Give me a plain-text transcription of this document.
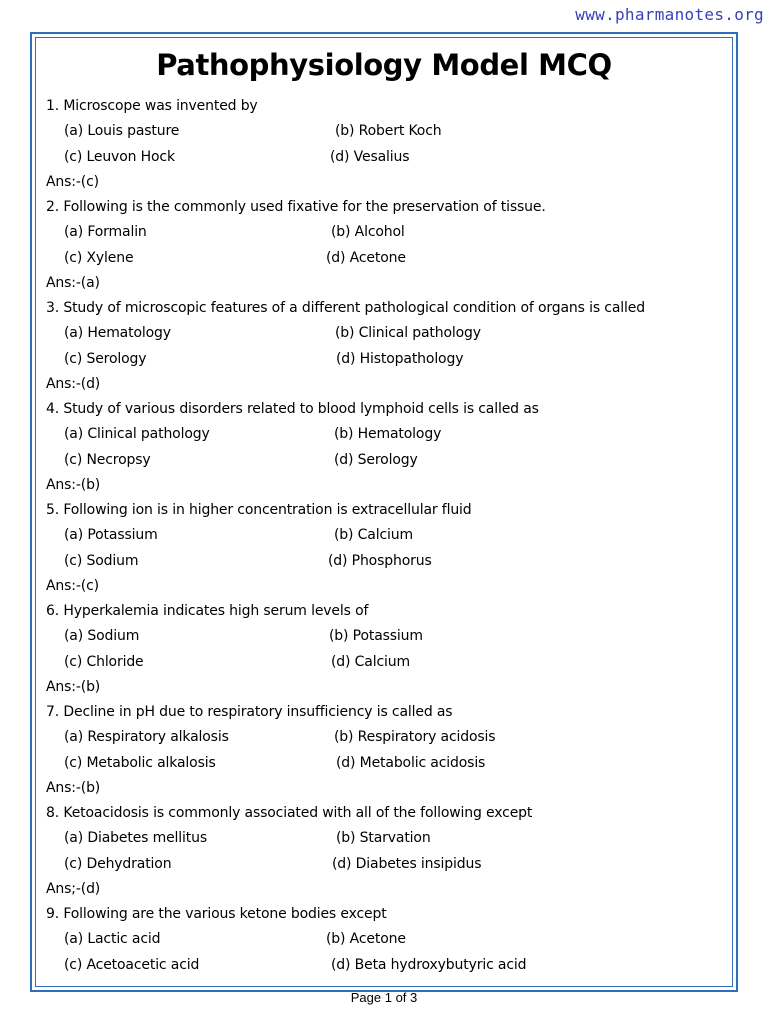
www.pharmanotes.org
Pathophysiology Model MCQ
1. Microscope was invented by
(a) Louis pasture	(b) Robert Koch
(c) Leuvon Hock	(d) Vesalius
Ans:-(c)
2. Following is the commonly used fixative for the preservation of tissue.
(a) Formalin	(b) Alcohol
(c) Xylene	(d) Acetone
Ans:-(a)
3. Study of microscopic features of a different pathological condition of organs is called
(a) Hematology	(b) Clinical pathology
(c) Serology	(d) Histopathology
Ans:-(d)
4. Study of various disorders related to blood lymphoid cells is called as
(a) Clinical pathology	(b) Hematology
(c) Necropsy	(d) Serology
Ans:-(b)
5. Following ion is in higher concentration is extracellular fluid
(a) Potassium	(b) Calcium
(c) Sodium	(d) Phosphorus
Ans:-(c)
6. Hyperkalemia indicates high serum levels of
(a) Sodium	(b) Potassium
(c) Chloride	(d) Calcium
Ans:-(b)
7. Decline in pH due to respiratory insufficiency is called as
(a) Respiratory alkalosis	(b) Respiratory acidosis
(c) Metabolic alkalosis	(d) Metabolic acidosis
Ans:-(b)
8. Ketoacidosis is commonly associated with all of the following except
(a) Diabetes mellitus	(b) Starvation
(c) Dehydration	(d) Diabetes insipidus
Ans;-(d)
9. Following are the various ketone bodies except
(a) Lactic acid	(b) Acetone
(c) Acetoacetic acid	(d) Beta hydroxybutyric acid
Page 1 of 3
